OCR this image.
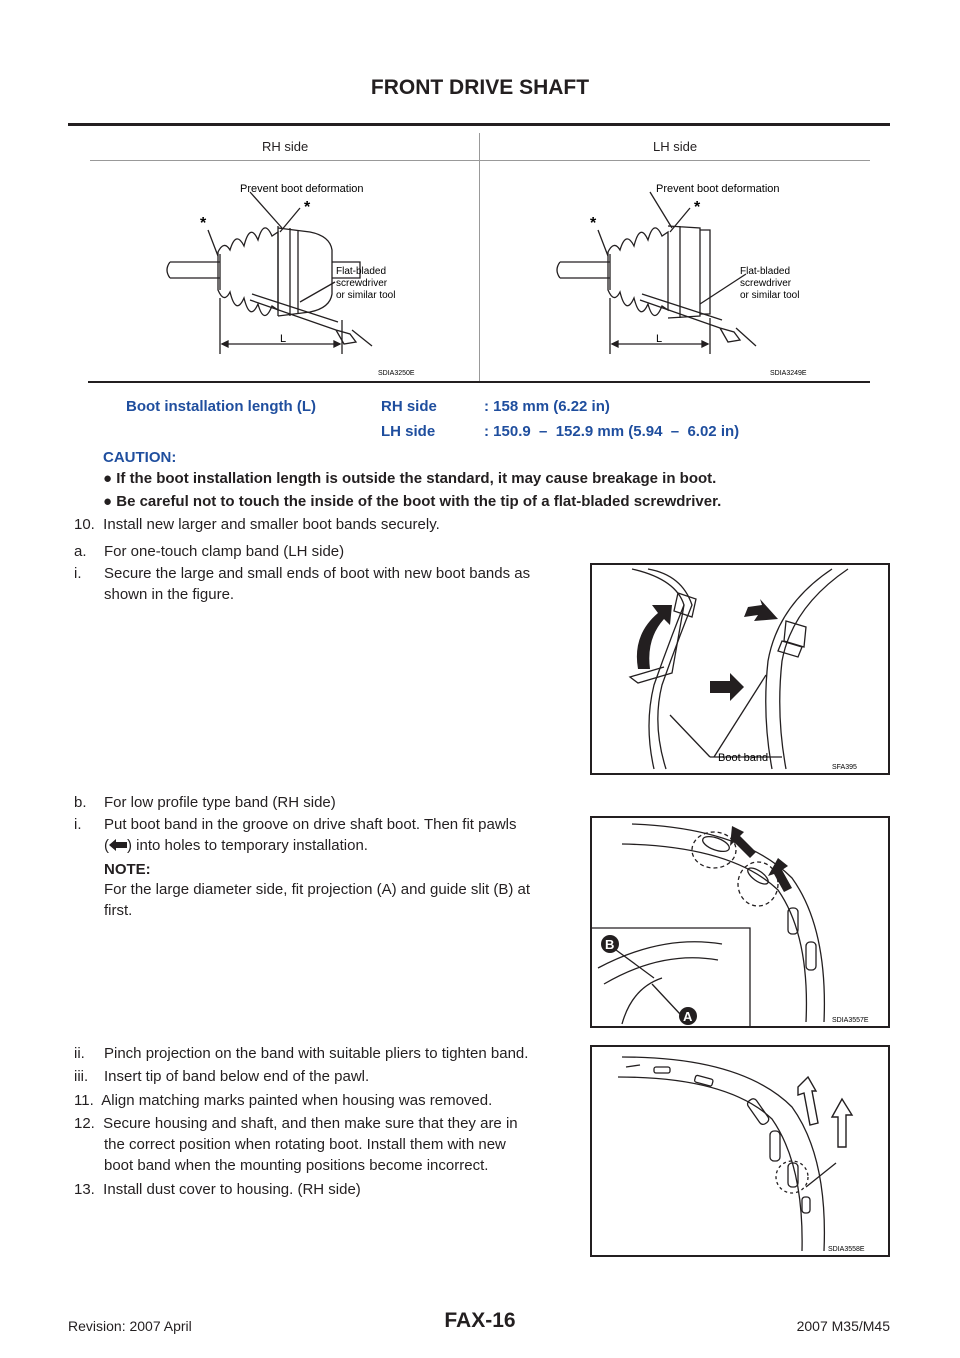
FRONT DRIVE SHAFT
RH side	LH side
Prevent boot deformation
*
*
Flat-bladed
screwdriver
or similar tool
L
SDIA3250E
Prevent boot deformation
*
*
Flat-bladed
screwdriver
or similar tool
L
SDIA3249E
Boot installation length (L)	RH side	: 158 mm (6.22 in)
LH side	: 150.9  –  152.9 mm (5.94  –  6.02 in)
CAUTION:
● If the boot installation length is outside the standard, it may cause breakage in boot.
● Be careful not to touch the inside of the boot with the tip of a flat-bladed screwdriver.
10.  Install new larger and smaller boot bands securely.
a. For one-touch clamp band (LH side)
i. Secure the large and small ends of boot with new boot bands as
shown in the figure.
b. For low profile type band (RH side)
i. Put boot band in the groove on drive shaft boot. Then fit pawls
( ) into holes to temporary installation.
NOTE:
For the large diameter side, fit projection (A) and guide slit (B) at
first.
ii. Pinch projection on the band with suitable pliers to tighten band.
iii. Insert tip of band below end of the pawl.
11.  Align matching marks painted when housing was removed.
12.  Secure housing and shaft, and then make sure that they are in
the correct position when rotating boot. Install them with new
boot band when the mounting positions become incorrect.
13.  Install dust cover to housing. (RH side)
Boot band
SFA395
B
A	SDIA3557E
SDIA3558E
Revision: 2007 April	FAX-16	2007 M35/M45
